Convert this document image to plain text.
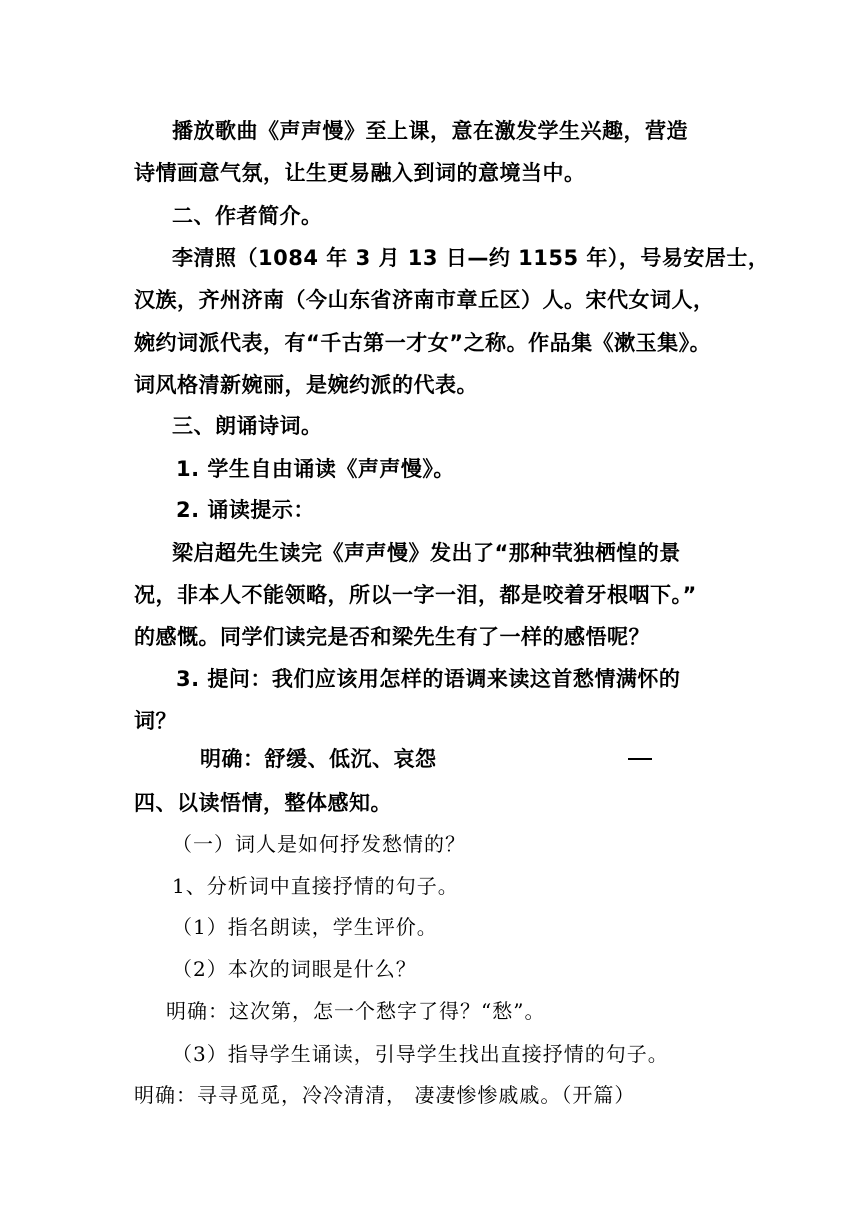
播放歌曲《声声慢》至上课，意在激发学生兴趣，营造
诗情画意气氛，让生更易融入到词的意境当中。
二、作者简介。
李清照（1084 年 3 月 13 日—约 1155 年），号易安居士，
汉族，齐州济南（今山东省济南市章丘区）人。宋代女词人，
婉约词派代表，有“千古第一才女”之称。作品集《漱玉集》。
词风格清新婉丽，是婉约派的代表。
三、朗诵诗词。
1. 学生自由诵读《声声慢》。
2. 诵读提示：
梁启超先生读完《声声慢》发出了“那种茕独栖惶的景
况，非本人不能领略，所以一字一泪，都是咬着牙根咽下。”
的感慨。同学们读完是否和梁先生有了一样的感悟呢？
3. 提问：我们应该用怎样的语调来读这首愁情满怀的
词？
明确：舒缓、低沉、哀怨
四、以读悟情，整体感知。
（一）词人是如何抒发愁情的？
1、分析词中直接抒情的句子。
（1）指名朗读，学生评价。
（2）本次的词眼是什么？
明确：这次第，怎一个愁字了得？“愁”。
（3）指导学生诵读，引导学生找出直接抒情的句子。
明确：寻寻觅觅，冷冷清清， 凄凄惨惨戚戚。（开篇）
